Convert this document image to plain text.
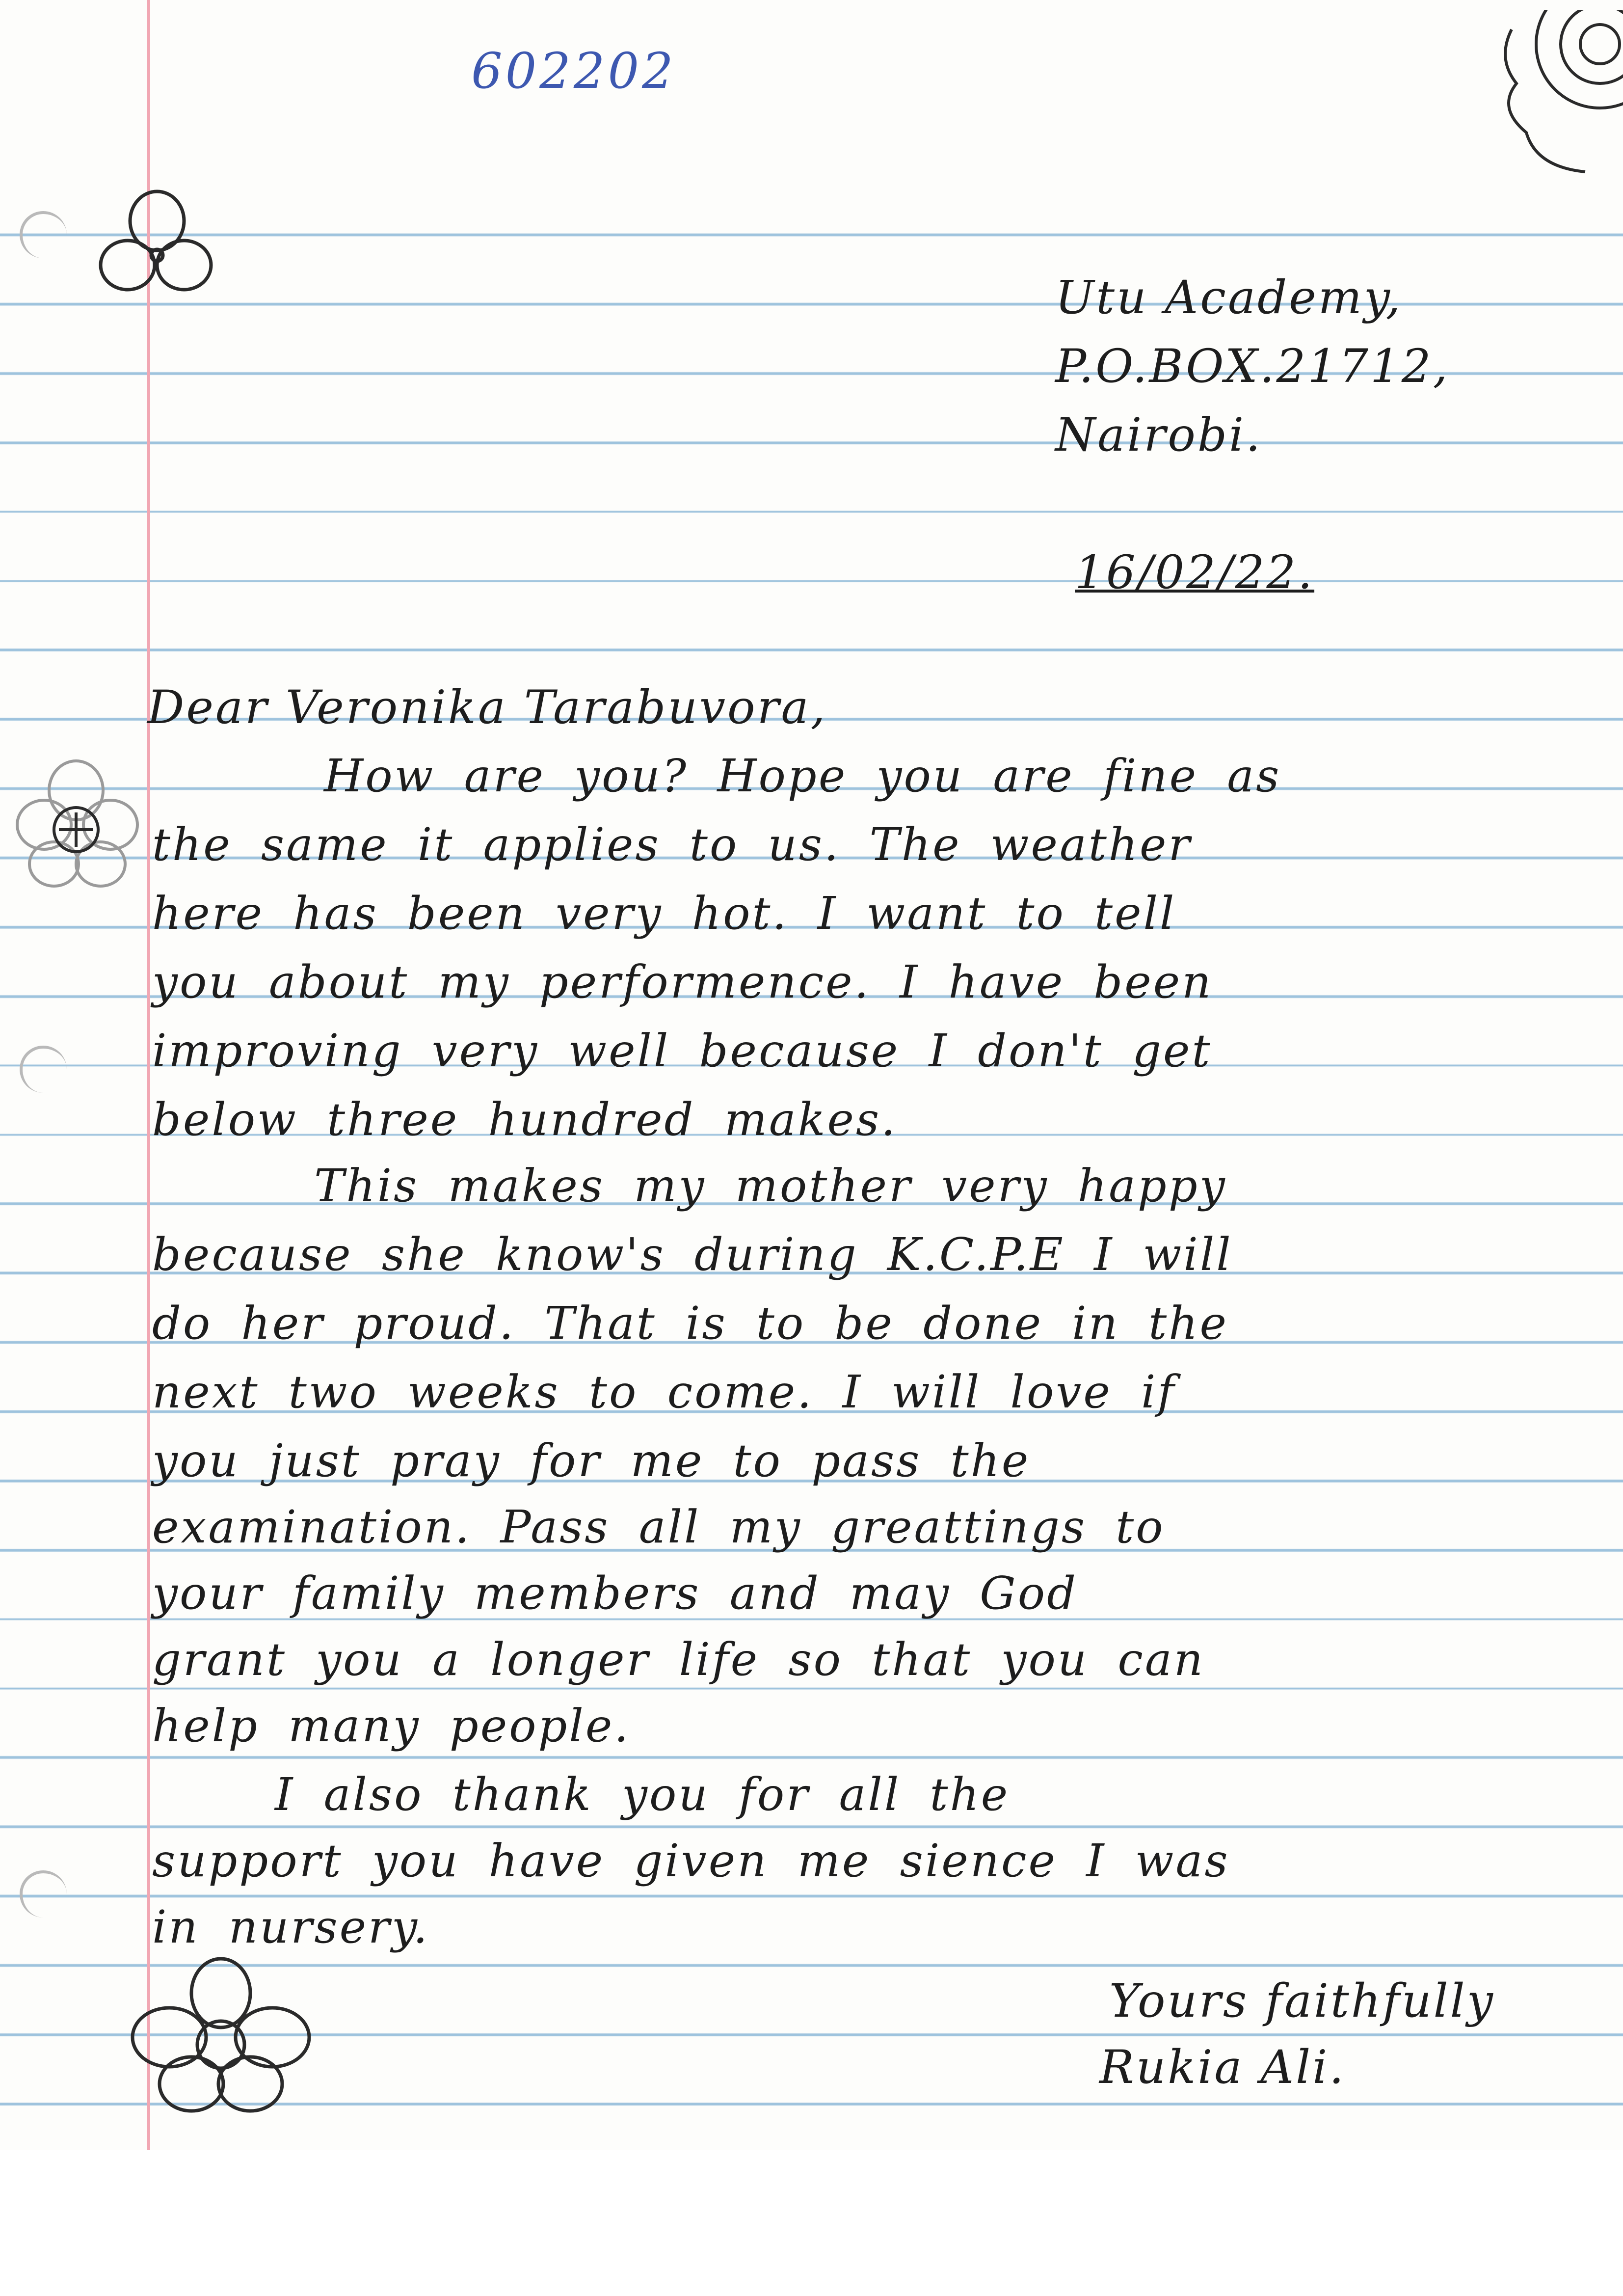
602202
Utu Academy,
P.O.BOX.21712,
Nairobi.
16/02/22.
Dear Veronika Tarabuvora,
How are you? Hope you are fine as
the same it applies to us. The weather
here has been very hot. I want to tell
you about my performence. I have been
improving very well because I don't get
below three hundred makes.
This makes my mother very happy
because she know's during K.C.P.E I will
do her proud. That is to be done in the
next two weeks to come. I will love if
you just pray for me to pass the
examination. Pass all my greattings to
your family members and may God
grant you a longer life so that you can
help many people.
I also thank you for all the
support you have given me sience I was
in nursery.
Yours faithfully
Rukia Ali.
